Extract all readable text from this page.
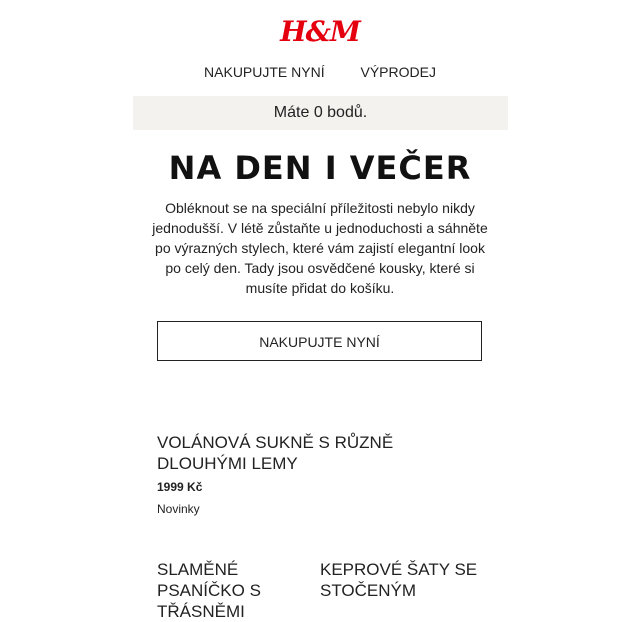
H&M
NAKUPUJTE NYNÍ	VÝPRODEJ
Máte 0 bodů.
NA DEN I VEČER

Obléknout se na speciální příležitosti nebylo nikdy jednodušší. V létě zůstaňte u jednoduchosti a sáhněte po výrazných stylech, které vám zajistí elegantní look po celý den. Tady jsou osvědčené kousky, které si musíte přidat do košíku.

NAKUPUJTE NYNÍ

VOLÁNOVÁ SUKNĚ S RŮZNĚ DLOUHÝMI LEMY

1999 Kč
Novinky

SLAMĚNÉ PSANÍČKO S TŘÁSNĚMI

KEPROVÉ ŠATY SE STOČENÝM
